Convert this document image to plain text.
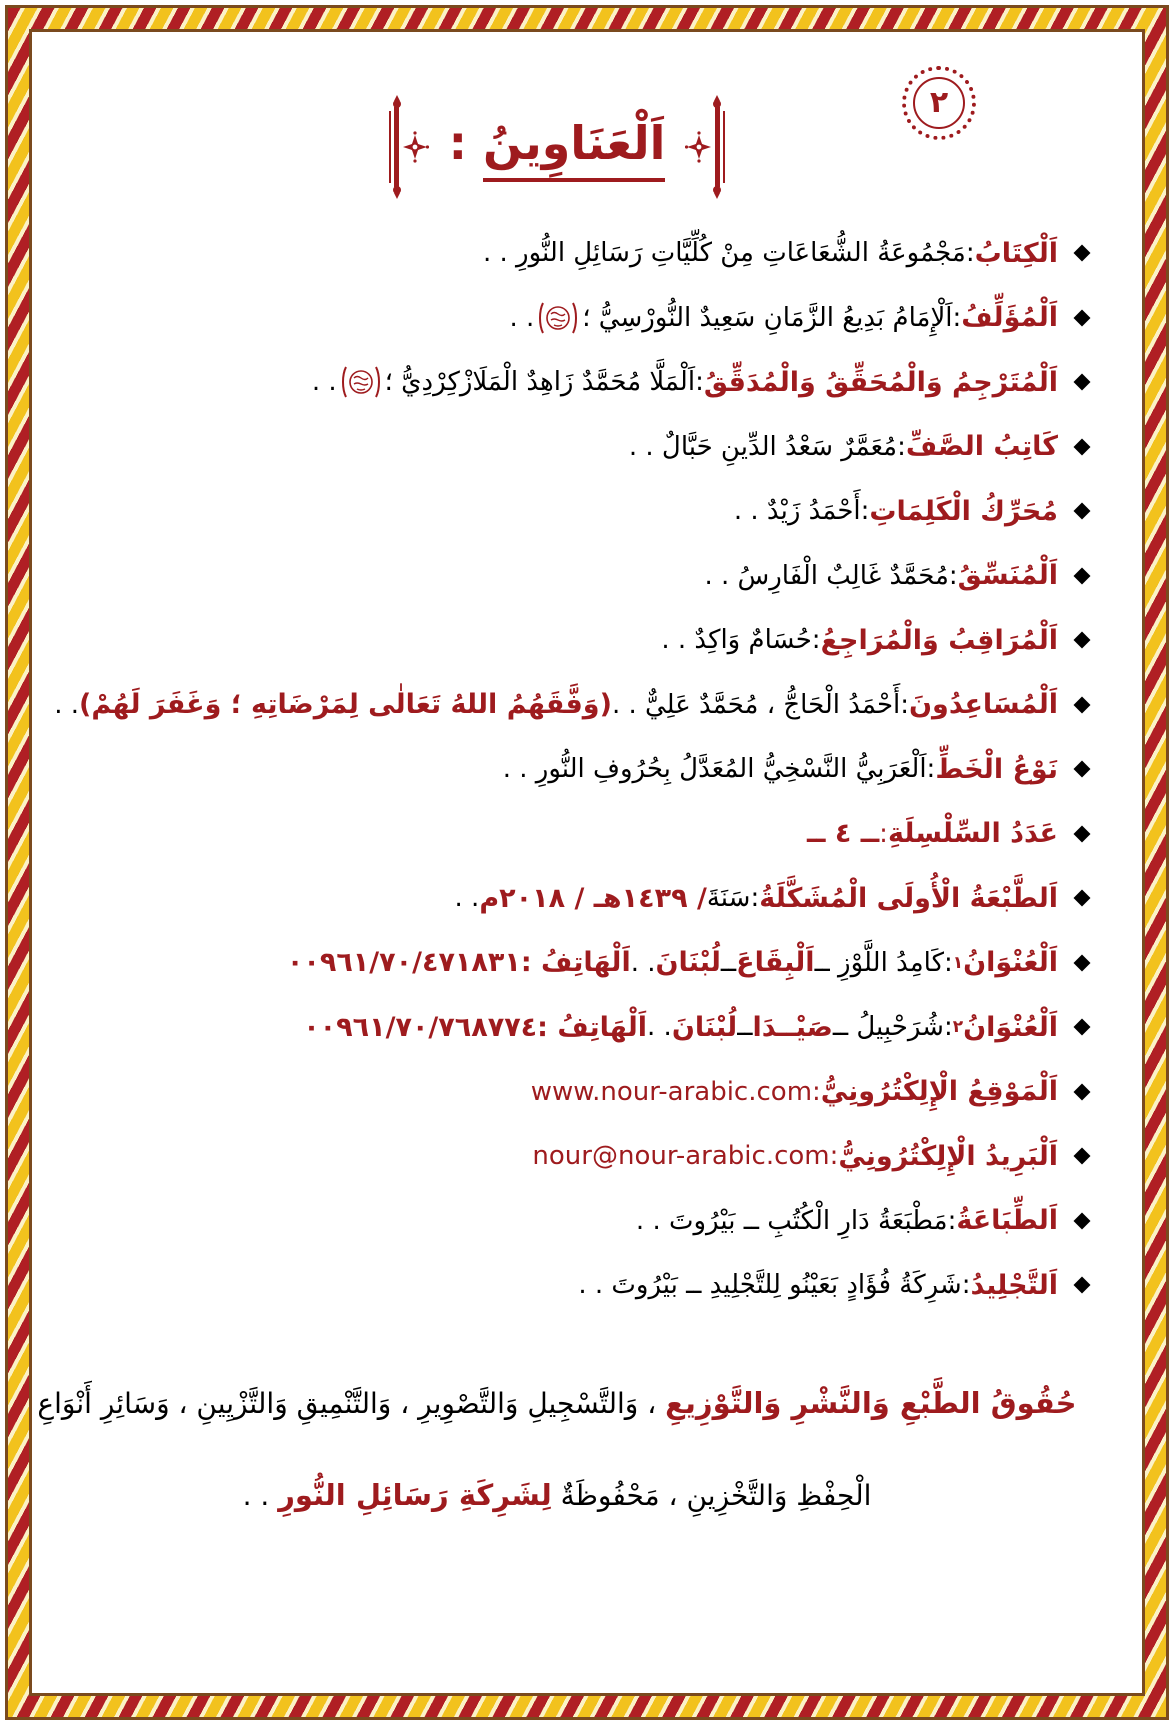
٢
اَلْعَنَاوِينُ :
اَلْكِتَابُ
:
مَجْمُوعَةُ الشُّعَاعَاتِ مِنْ كُلِّيَّاتِ رَسَائِلِ النُّورِ . .
اَلْمُؤَلِّفُ
:
اَلْإِمَامُ بَدِيعُ الزَّمَانِ سَعِيدٌ النُّورْسِيُّ ؛
. .
اَلْمُتَرْجِمُ وَالْمُحَقِّقُ وَالْمُدَقِّقُ
:
اَلْمَلَّا مُحَمَّدٌ زَاهِدٌ الْمَلَازْكِرْدِيُّ ؛
. .
كَاتِبُ الصَّفِّ
:
مُعَمَّرٌ سَعْدُ الدِّينِ حَبَّالٌ . .
مُحَرِّكُ الْكَلِمَاتِ
:
أَحْمَدُ زَيْدٌ . .
اَلْمُنَسِّقُ
:
مُحَمَّدٌ غَالِبٌ الْفَارِسُ . .
اَلْمُرَاقِبُ وَالْمُرَاجِعُ
:
حُسَامٌ وَاكِدٌ . .
اَلْمُسَاعِدُونَ
:
أَحْمَدُ الْحَاجُّ ، مُحَمَّدٌ عَلِيٌّ . .
(وَفَّقَهُمُ اللهُ تَعَالٰى لِمَرْضَاتِهِ ؛ وَغَفَرَ لَهُمْ)
. .
نَوْعُ الْخَطِّ
:
اَلْعَرَبِيُّ النَّسْخِيُّ المُعَدَّلُ بِحُرُوفِ النُّورِ . .
عَدَدُ السِّلْسِلَةِ
:
ــ ٤ ــ
اَلطَّبْعَةُ الْأُولَى الْمُشَكَّلَةُ
:
سَنَةَ
/ ١٤٣٩هـ / ٢٠١٨م
. .
اَلْعُنْوَانُ
١
:
كَامِدُ اللَّوْزِ ــ
اَلْبِقَاعَ
ــ
لُبْنَانَ
. .
اَلْهَاتِفُ :
٠٠٩٦١/٧٠/٤٧١٨٣١
اَلْعُنْوَانُ
٢
:
شُرَحْبِيلُ ــ
صَيْــدَا
ــ
لُبْنَانَ
. .
اَلْهَاتِفُ :
٠٠٩٦١/٧٠/٧٦٨٧٧٤
اَلْمَوْقِعُ الْإِلِكْتُرُونِيُّ
:
www.nour-arabic.com
اَلْبَرِيدُ الْإِلِكْتُرُونِيُّ
:
nour@nour-arabic.com
اَلطِّبَاعَةُ
:
مَطْبَعَةُ دَارِ الْكُتُبِ ــ بَيْرُوتَ . .
اَلتَّجْلِيدُ
:
شَرِكَةُ فُؤَادٍ بَعَيْنُو لِلتَّجْلِيدِ ــ بَيْرُوتَ . .

حُقُوقُ الطَّبْعِ وَالنَّشْرِ وَالتَّوْزِيعِ ، وَالتَّسْجِيلِ وَالتَّصْوِيرِ ، وَالتَّنْمِيقِ وَالتَّزْيِينِ ، وَسَائِرِ أَنْوَاعِ

الْحِفْظِ وَالتَّخْزِينِ ، مَحْفُوظَةٌ لِشَرِكَةِ رَسَائِلِ النُّورِ . .
